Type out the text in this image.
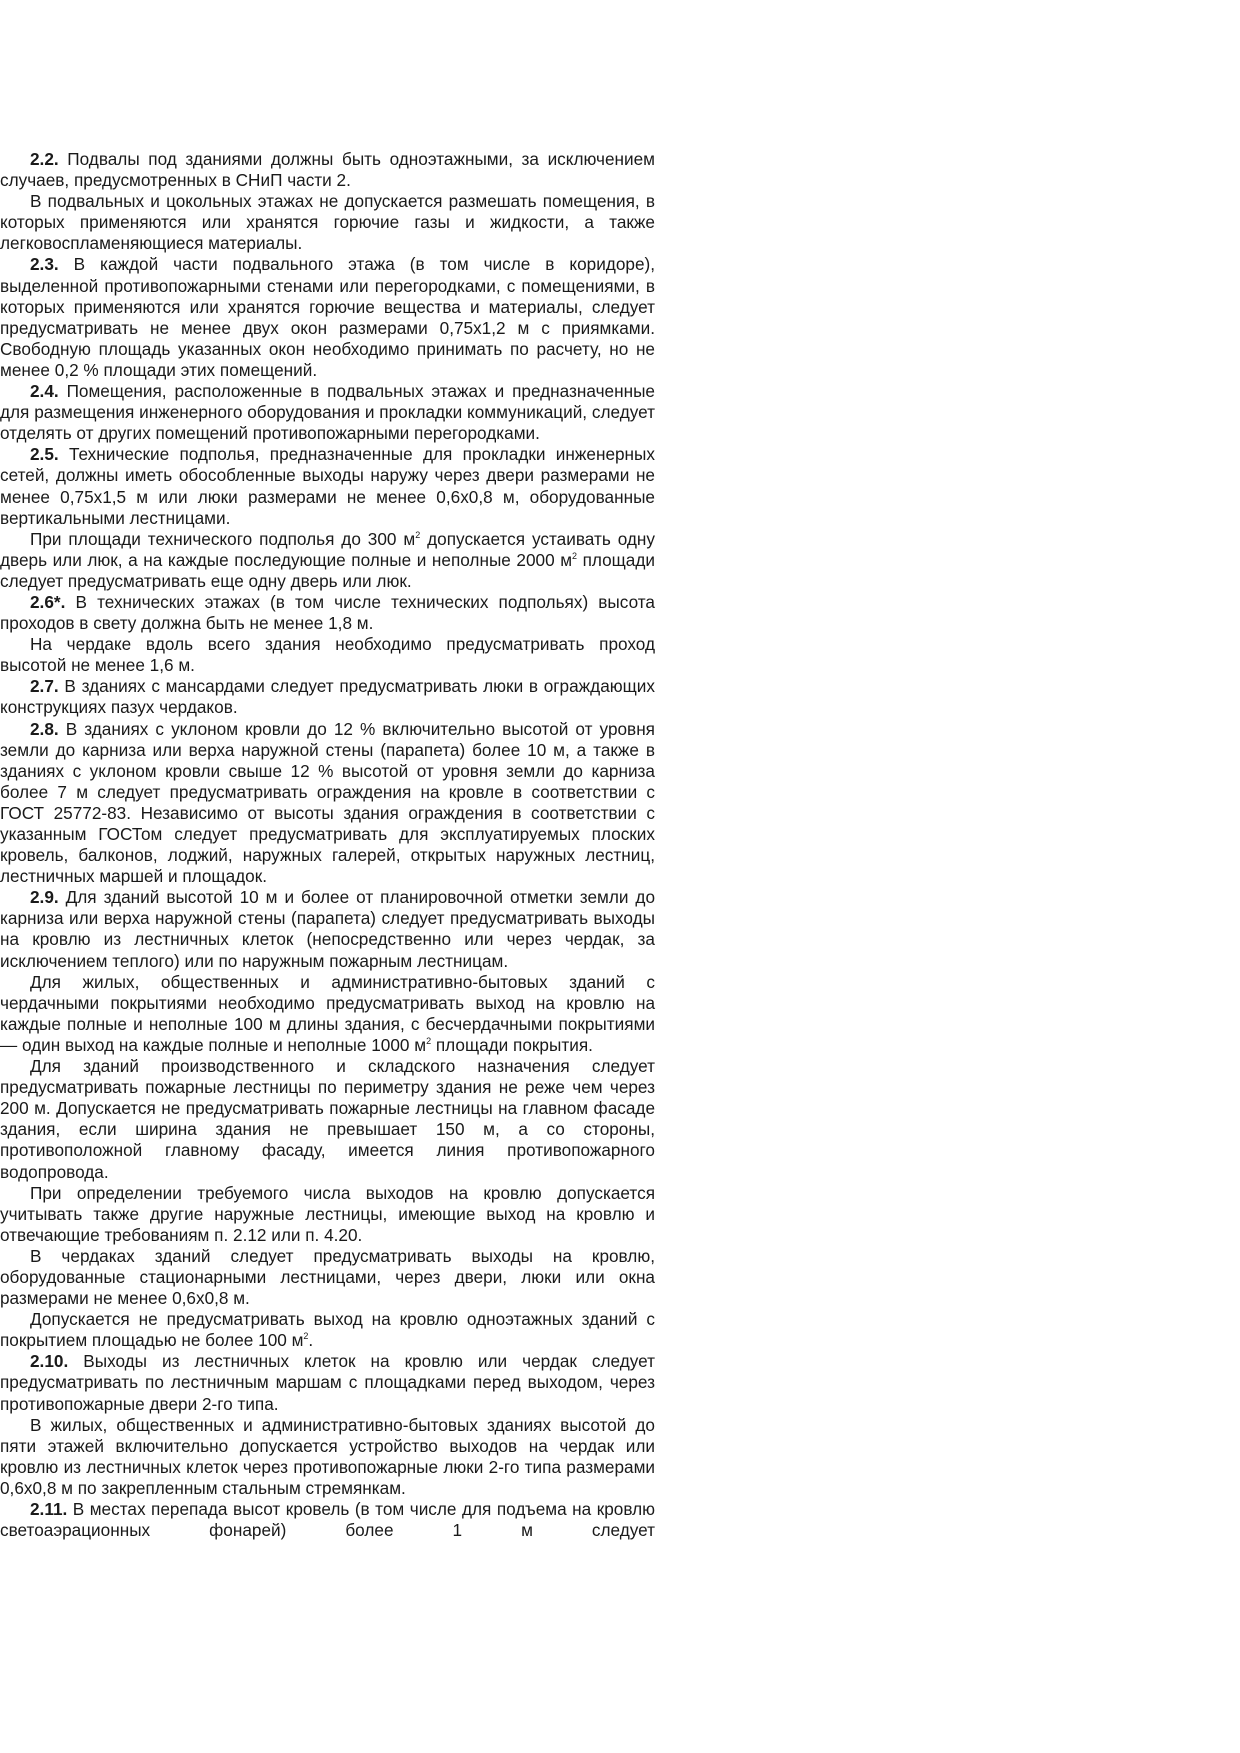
2.2. Подвалы под зданиями должны быть одноэтажными, за исключением случаев, предусмотренных в СНиП части 2.

В подвальных и цокольных этажах не допускается размешать помещения, в которых применяются или хранятся горючие газы и жидкости, а также легковоспламеняющиеся материалы.

2.3. В каждой части подвального этажа (в том числе в коридоре), выделенной противопожарными стенами или перегородками, с помещениями, в которых применяются или хранятся горючие вещества и материалы, следует предусматривать не менее двух окон размерами 0,75х1,2 м с приямками. Свободную площадь указанных окон необходимо принимать по расчету, но не менее 0,2 % площади этих помещений.

2.4. Помещения, расположенные в подвальных этажах и предназначенные для размещения инженерного оборудования и прокладки коммуникаций, следует отделять от других помещений противопожарными перегородками.

2.5. Технические подполья, предназначенные для прокладки инженерных сетей, должны иметь обособленные выходы наружу через двери размерами не менее 0,75х1,5 м или люки размерами не менее 0,6х0,8 м, оборудованные вертикальными лестницами.

При площади технического подполья до 300 $м^2$ допускается устаивать одну дверь или люк, а на каждые последующие полные и неполные 2000 $м^2$ площади следует предусматривать еще одну дверь или люк.

2.6*. В технических этажах (в том числе технических подпольях) высота проходов в свету должна быть не менее 1,8 м.

На чердаке вдоль всего здания необходимо предусматривать проход высотой не менее 1,6 м.

2.7. В зданиях с мансардами следует предусматривать люки в ограждающих конструкциях пазух чердаков.

2.8. В зданиях с уклоном кровли до 12 % включительно высотой от уровня земли до карниза или верха наружной стены (парапета) более 10 м, а также в зданиях с уклоном кровли свыше 12 % высотой от уровня земли до карниза более 7 м следует предусматривать ограждения на кровле в соответствии с ГОСТ 25772-83. Независимо от высоты здания ограждения в соответствии с указанным ГОСТом следует предусматривать для эксплуатируемых плоских кровель, балконов, лоджий, наружных галерей, открытых наружных лестниц, лестничных маршей и площадок.

2.9. Для зданий высотой 10 м и более от планировочной отметки земли до карниза или верха наружной стены (парапета) следует предусматривать выходы на кровлю из лестничных клеток (непосредственно или через чердак, за исключением теплого) или по наружным пожарным лестницам.

Для жилых, общественных и административно-бытовых зданий с чердачными покрытиями необходимо предусматривать выход на кровлю на каждые полные и неполные 100 м длины здания, с бесчердачными покрытиями — один выход на каждые полные и неполные 1000 $м^2$ площади покрытия.

Для зданий производственного и складского назначения следует предусматривать пожарные лестницы по периметру здания не реже чем через 200 м. Допускается не предусматривать пожарные лестницы на главном фасаде здания, если ширина здания не превышает 150 м, а со стороны, противоположной главному фасаду, имеется линия противопожарного водопровода.

При определении требуемого числа выходов на кровлю допускается учитывать также другие наружные лестницы, имеющие выход на кровлю и отвечающие требованиям п. 2.12 или п. 4.20.

В чердаках зданий следует предусматривать выходы на кровлю, оборудованные стационарными лестницами, через двери, люки или окна размерами не менее 0,6х0,8 м.

Допускается не предусматривать выход на кровлю одноэтажных зданий с покрытием площадью не более 100 $м^2$.

2.10. Выходы из лестничных клеток на кровлю или чердак следует предусматривать по лестничным маршам с площадками перед выходом, через противопожарные двери 2-го типа.

В жилых, общественных и административно-бытовых зданиях высотой до пяти этажей включительно допускается устройство выходов на чердак или кровлю из лестничных клеток через противопожарные люки 2-го типа размерами 0,6х0,8 м по закрепленным стальным стремянкам.

2.11. В местах перепада высот кровель (в том числе для подъема на кровлю светоаэрационных фонарей) более 1 м следует
